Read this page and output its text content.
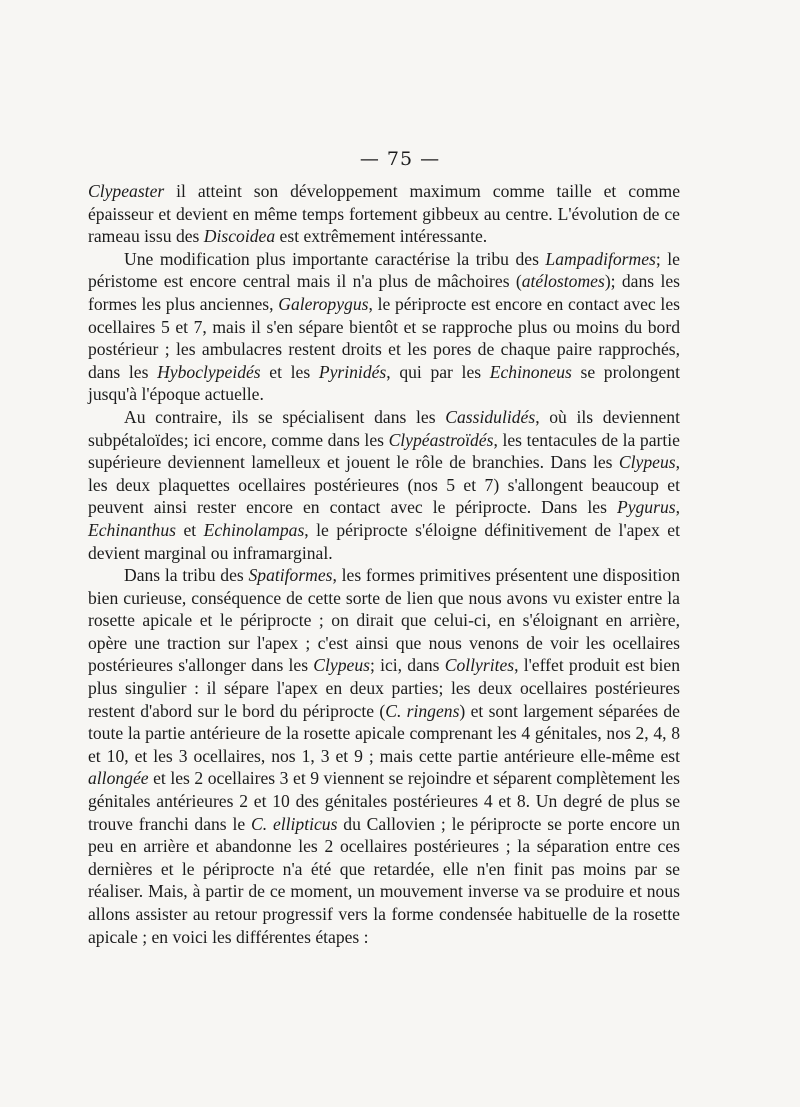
— 75 —

Clypeaster il atteint son développement maximum comme taille et comme épaisseur et devient en même temps fortement gibbeux au centre. L'évolution de ce rameau issu des Discoidea est extrêmement intéressante.

Une modification plus importante caractérise la tribu des Lampadiformes; le péristome est encore central mais il n'a plus de mâchoires (atélostomes); dans les formes les plus anciennes, Galeropygus, le périprocte est encore en contact avec les ocellaires 5 et 7, mais il s'en sépare bientôt et se rapproche plus ou moins du bord postérieur ; les ambulacres restent droits et les pores de chaque paire rapprochés, dans les Hyboclypeidés et les Pyrinidés, qui par les Echinoneus se prolongent jusqu'à l'époque actuelle.

Au contraire, ils se spécialisent dans les Cassidulidés, où ils deviennent subpétaloïdes; ici encore, comme dans les Clypéastroïdés, les tentacules de la partie supérieure deviennent lamelleux et jouent le rôle de branchies. Dans les Clypeus, les deux plaquettes ocellaires postérieures (nos 5 et 7) s'allongent beaucoup et peuvent ainsi rester encore en contact avec le périprocte. Dans les Pygurus, Echinanthus et Echinolampas, le périprocte s'éloigne définitivement de l'apex et devient marginal ou inframarginal.

Dans la tribu des Spatiformes, les formes primitives présentent une disposition bien curieuse, conséquence de cette sorte de lien que nous avons vu exister entre la rosette apicale et le périprocte ; on dirait que celui-ci, en s'éloignant en arrière, opère une traction sur l'apex ; c'est ainsi que nous venons de voir les ocellaires postérieures s'allonger dans les Clypeus; ici, dans Collyrites, l'effet produit est bien plus singulier : il sépare l'apex en deux parties; les deux ocellaires postérieures restent d'abord sur le bord du périprocte (C. ringens) et sont largement séparées de toute la partie antérieure de la rosette apicale comprenant les 4 génitales, nos 2, 4, 8 et 10, et les 3 ocellaires, nos 1, 3 et 9 ; mais cette partie antérieure elle-même est allongée et les 2 ocellaires 3 et 9 viennent se rejoindre et séparent complètement les génitales antérieures 2 et 10 des génitales postérieures 4 et 8. Un degré de plus se trouve franchi dans le C. ellipticus du Callovien ; le périprocte se porte encore un peu en arrière et abandonne les 2 ocellaires postérieures ; la séparation entre ces dernières et le périprocte n'a été que retardée, elle n'en finit pas moins par se réaliser. Mais, à partir de ce moment, un mouvement inverse va se produire et nous allons assister au retour progressif vers la forme condensée habituelle de la rosette apicale ; en voici les différentes étapes :
